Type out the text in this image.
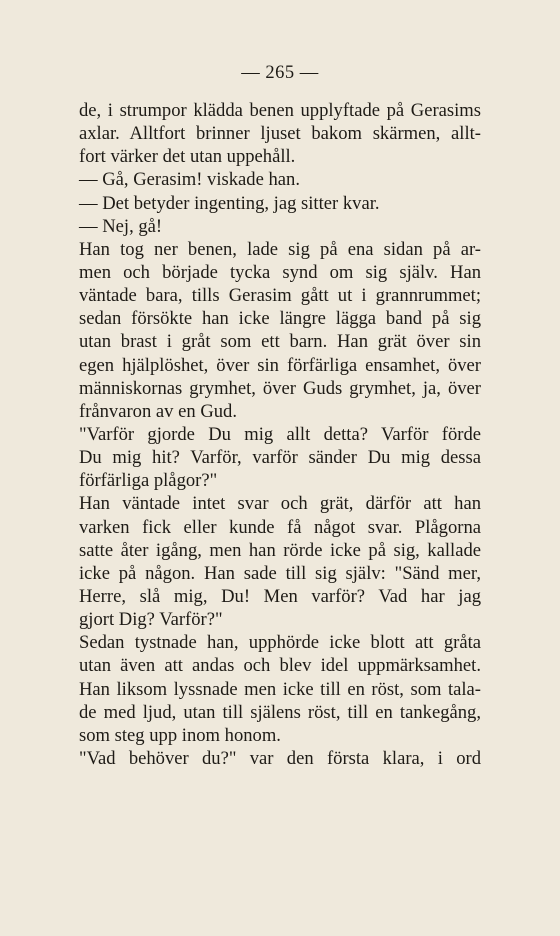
— 265 —
de, i strumpor klädda benen upplyftade på Gerasims
axlar. Alltfort brinner ljuset bakom skärmen, allt-
fort värker det utan uppehåll.
— Gå, Gerasim! viskade han.
— Det betyder ingenting, jag sitter kvar.
— Nej, gå!
Han tog ner benen, lade sig på ena sidan på ar-
men och började tycka synd om sig själv. Han
väntade bara, tills Gerasim gått ut i grannrummet;
sedan försökte han icke längre lägga band på sig
utan brast i gråt som ett barn. Han grät över sin
egen hjälplöshet, över sin förfärliga ensamhet, över
människornas grymhet, över Guds grymhet, ja, över
frånvaron av en Gud.
"Varför gjorde Du mig allt detta? Varför förde
Du mig hit? Varför, varför sänder Du mig dessa
förfärliga plågor?"
Han väntade intet svar och grät, därför att han
varken fick eller kunde få något svar. Plågorna
satte åter igång, men han rörde icke på sig, kallade
icke på någon. Han sade till sig själv: "Sänd mer,
Herre, slå mig, Du! Men varför? Vad har jag
gjort Dig? Varför?"
Sedan tystnade han, upphörde icke blott att gråta
utan även att andas och blev idel uppmärksamhet.
Han liksom lyssnade men icke till en röst, som tala-
de med ljud, utan till själens röst, till en tankegång,
som steg upp inom honom.
"Vad behöver du?" var den första klara, i ord
